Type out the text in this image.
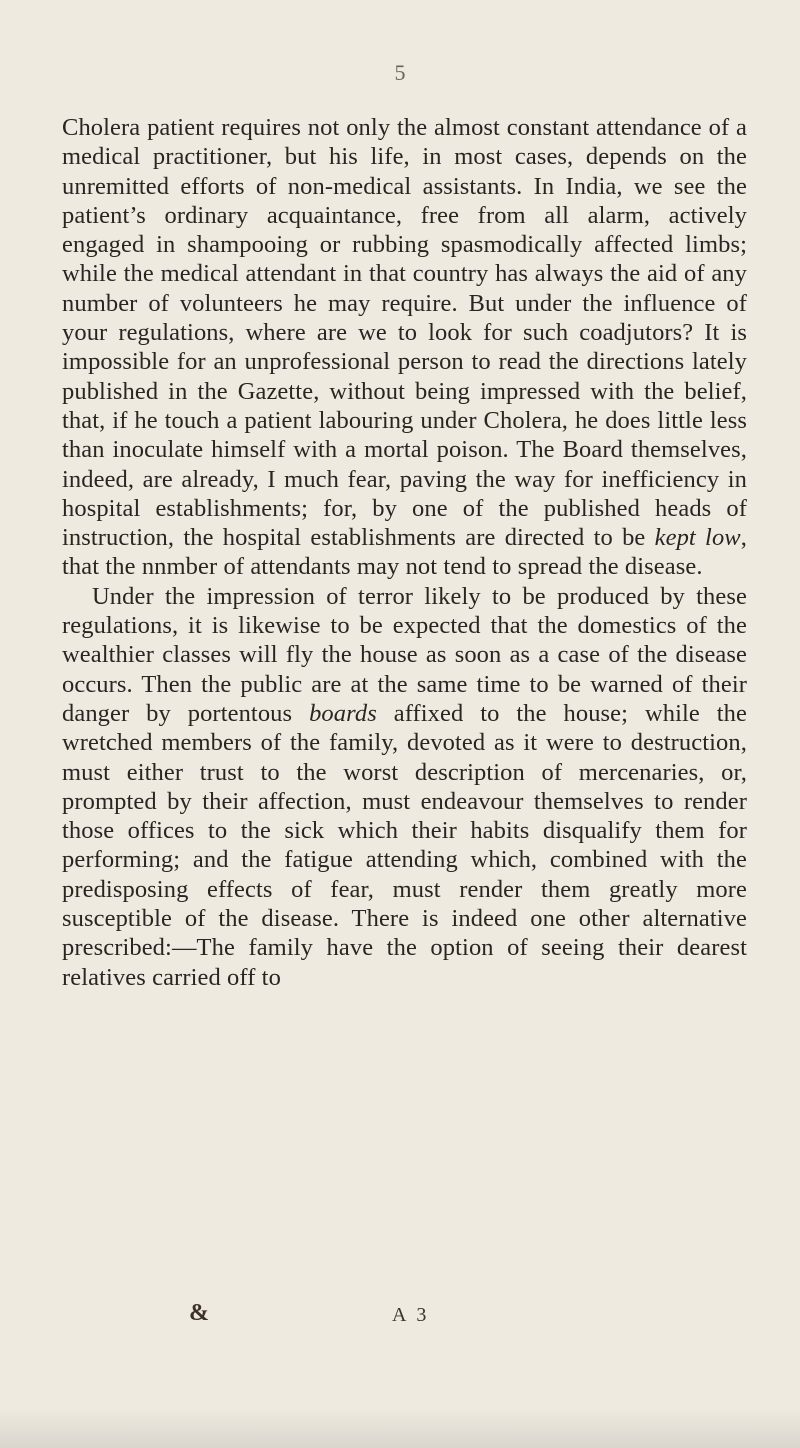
5

Cholera patient requires not only the almost constant attendance of a medical practitioner, but his life, in most cases, depends on the unremitted efforts of non-medical assistants. In India, we see the patient’s ordinary acquaintance, free from all alarm, actively engaged in shampooing or rubbing spasmodically affected limbs; while the medical attendant in that country has always the aid of any number of volunteers he may require. But under the influence of your regulations, where are we to look for such coadjutors? It is impossible for an unprofessional person to read the directions lately published in the Gazette, without being impressed with the belief, that, if he touch a patient labouring under Cholera, he does little less than inoculate himself with a mortal poison. The Board themselves, indeed, are already, I much fear, paving the way for inefficiency in hospital establishments; for, by one of the published heads of instruction, the hospital establishments are directed to be kept low, that the nnmber of attendants may not tend to spread the disease.

Under the impression of terror likely to be produced by these regulations, it is likewise to be expected that the domestics of the wealthier classes will fly the house as soon as a case of the disease occurs. Then the public are at the same time to be warned of their danger by portentous boards affixed to the house; while the wretched members of the family, devoted as it were to destruction, must either trust to the worst description of mercenaries, or, prompted by their affection, must endeavour themselves to render those offices to the sick which their habits disqualify them for performing; and the fatigue attending which, combined with the predisposing effects of fear, must render them greatly more susceptible of the disease. There is indeed one other alternative prescribed:—The family have the option of seeing their dearest relatives carried off to

&	A 3
